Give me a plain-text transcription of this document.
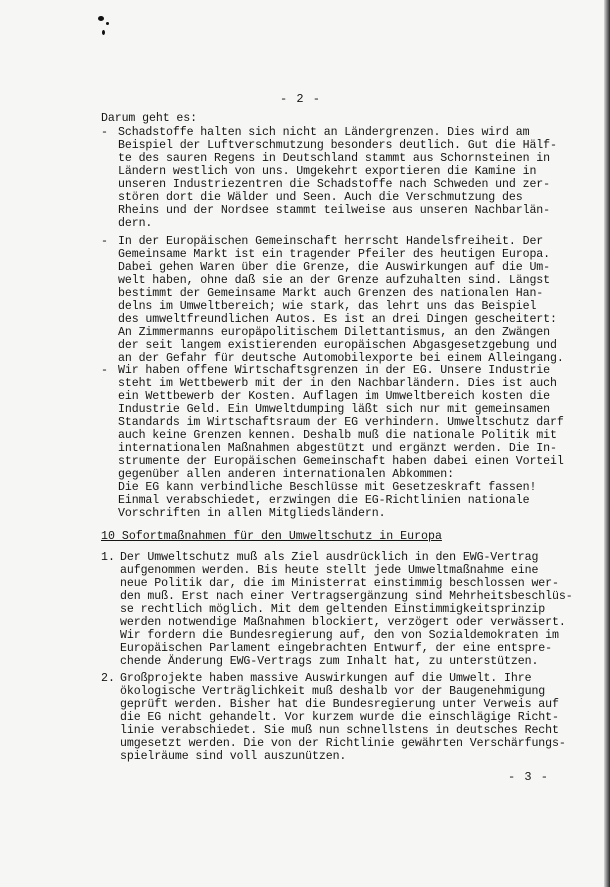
- 2 -
Darum geht es:
- Schadstoffe halten sich nicht an Ländergrenzen. Dies wird am
Beispiel der Luftverschmutzung besonders deutlich. Gut die Hälf-
te des sauren Regens in Deutschland stammt aus Schornsteinen in
Ländern westlich von uns. Umgekehrt exportieren die Kamine in
unseren Industriezentren die Schadstoffe nach Schweden und zer-
stören dort die Wälder und Seen. Auch die Verschmutzung des
Rheins und der Nordsee stammt teilweise aus unseren Nachbarlän-
dern.
- In der Europäischen Gemeinschaft herrscht Handelsfreiheit. Der
Gemeinsame Markt ist ein tragender Pfeiler des heutigen Europa.
Dabei gehen Waren über die Grenze, die Auswirkungen auf die Um-
welt haben, ohne daß sie an der Grenze aufzuhalten sind. Längst
bestimmt der Gemeinsame Markt auch Grenzen des nationalen Han-
delns im Umweltbereich; wie stark, das lehrt uns das Beispiel
des umweltfreundlichen Autos. Es ist an drei Dingen gescheitert:
An Zimmermanns europäpolitischem Dilettantismus, an den Zwängen
der seit langem existierenden europäischen Abgasgesetzgebung und
an der Gefahr für deutsche Automobilexporte bei einem Alleingang.
- Wir haben offene Wirtschaftsgrenzen in der EG. Unsere Industrie
steht im Wettbewerb mit der in den Nachbarländern. Dies ist auch
ein Wettbewerb der Kosten. Auflagen im Umweltbereich kosten die
Industrie Geld. Ein Umweltdumping läßt sich nur mit gemeinsamen
Standards im Wirtschaftsraum der EG verhindern. Umweltschutz darf
auch keine Grenzen kennen. Deshalb muß die nationale Politik mit
internationalen Maßnahmen abgestützt und ergänzt werden. Die In-
strumente der Europäischen Gemeinschaft haben dabei einen Vorteil
gegenüber allen anderen internationalen Abkommen:
Die EG kann verbindliche Beschlüsse mit Gesetzeskraft fassen!
Einmal verabschiedet, erzwingen die EG-Richtlinien nationale
Vorschriften in allen Mitgliedsländern.
10 Sofortmaßnahmen für den Umweltschutz in Europa
1. Der Umweltschutz muß als Ziel ausdrücklich in den EWG-Vertrag
aufgenommen werden. Bis heute stellt jede Umweltmaßnahme eine
neue Politik dar, die im Ministerrat einstimmig beschlossen wer-
den muß. Erst nach einer Vertragsergänzung sind Mehrheitsbeschlüs-
se rechtlich möglich. Mit dem geltenden Einstimmigkeitsprinzip
werden notwendige Maßnahmen blockiert, verzögert oder verwässert.
Wir fordern die Bundesregierung auf, den von Sozialdemokraten im
Europäischen Parlament eingebrachten Entwurf, der eine entspre-
chende Änderung EWG-Vertrags zum Inhalt hat, zu unterstützen.
2. Großprojekte haben massive Auswirkungen auf die Umwelt. Ihre
ökologische Verträglichkeit muß deshalb vor der Baugenehmigung
geprüft werden. Bisher hat die Bundesregierung unter Verweis auf
die EG nicht gehandelt. Vor kurzem wurde die einschlägige Richt-
linie verabschiedet. Sie muß nun schnellstens in deutsches Recht
umgesetzt werden. Die von der Richtlinie gewährten Verschärfungs-
spielräume sind voll auszunützen.
- 3 -
